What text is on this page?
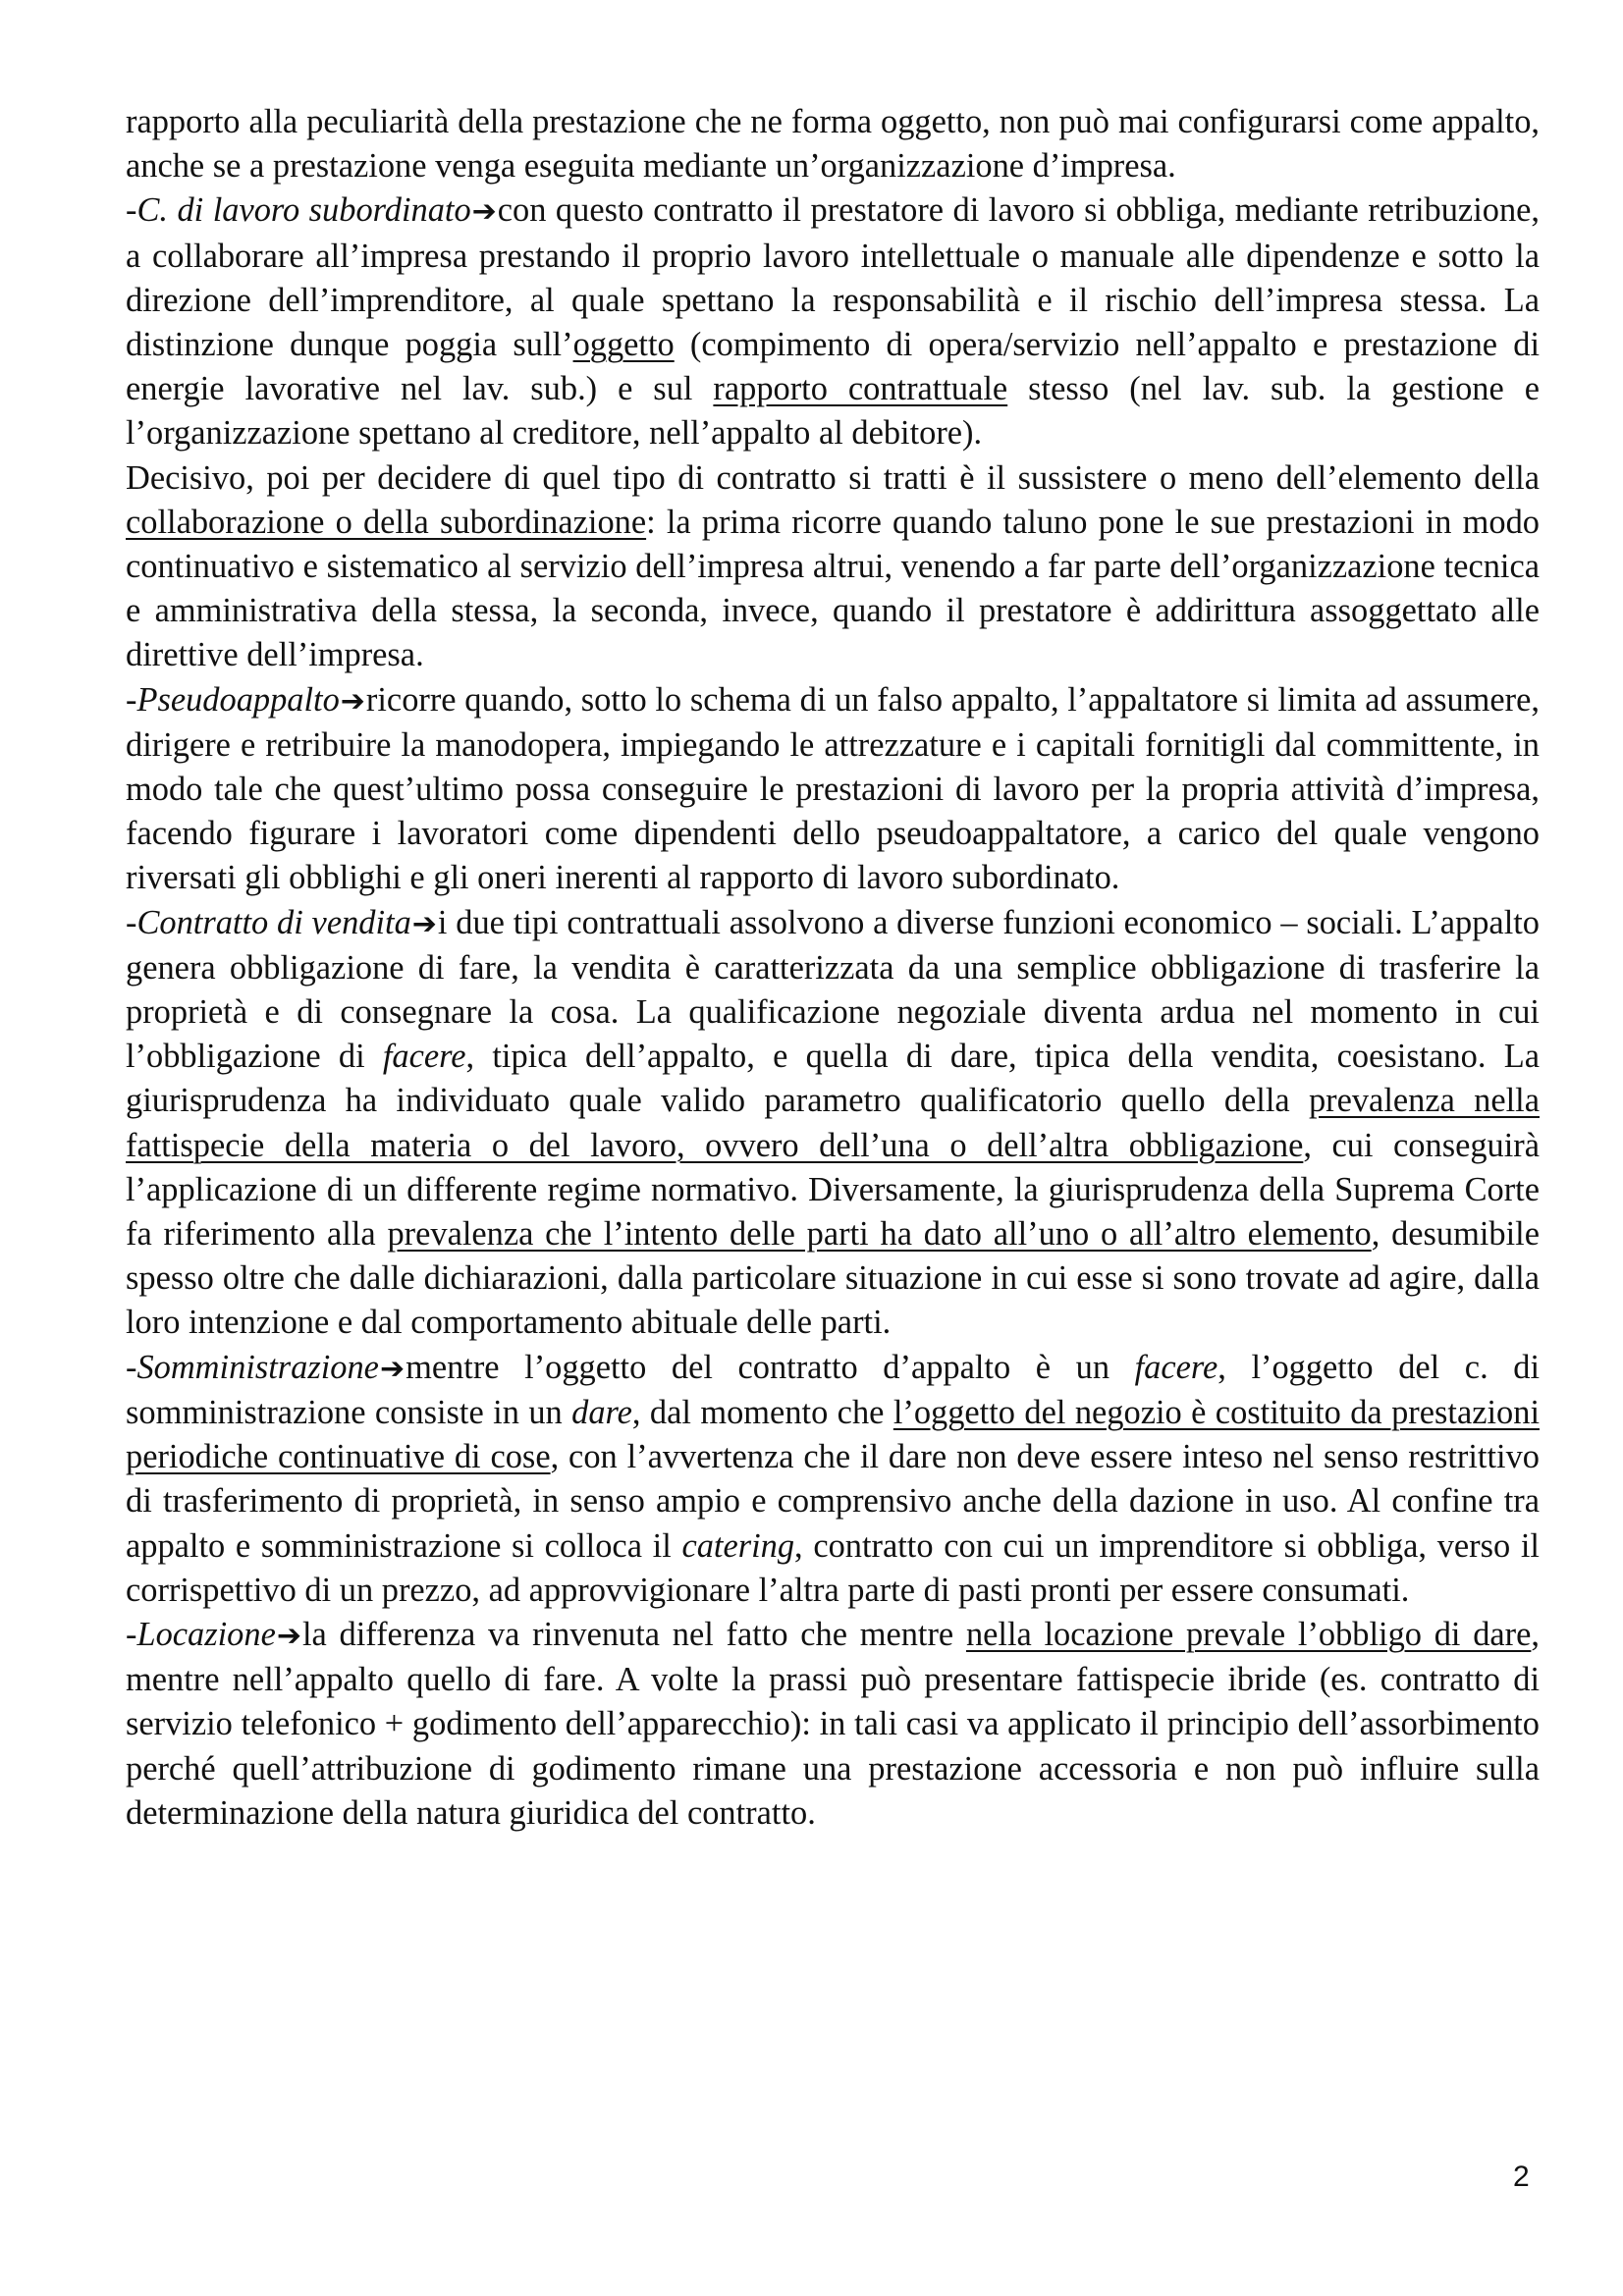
rapporto alla peculiarità della prestazione che ne forma oggetto, non può mai configurarsi come appalto, anche se a prestazione venga eseguita mediante un’organizzazione d’impresa.

-C. di lavoro subordinato➔con questo contratto il prestatore di lavoro si obbliga, mediante retribuzione, a collaborare all’impresa prestando il proprio lavoro intellettuale o manuale alle dipendenze e sotto la direzione dell’imprenditore, al quale spettano la responsabilità e il rischio dell’impresa stessa. La distinzione dunque poggia sull’oggetto (compimento di opera/servizio nell’appalto e prestazione di energie lavorative nel lav. sub.) e sul rapporto contrattuale stesso (nel lav. sub. la gestione e l’organizzazione spettano al creditore, nell’appalto al debitore).

Decisivo, poi per decidere di quel tipo di contratto si tratti è il sussistere o meno dell’elemento della collaborazione o della subordinazione: la prima ricorre quando taluno pone le sue prestazioni in modo continuativo e sistematico al servizio dell’impresa altrui, venendo a far parte dell’organizzazione tecnica e amministrativa della stessa, la seconda, invece, quando il prestatore è addirittura assoggettato alle direttive dell’impresa.

-Pseudoappalto➔ricorre quando, sotto lo schema di un falso appalto, l’appaltatore si limita ad assumere, dirigere e retribuire la manodopera, impiegando le attrezzature e i capitali fornitigli dal committente, in modo tale che quest’ultimo possa conseguire le prestazioni di lavoro per la propria attività d’impresa, facendo figurare i lavoratori come dipendenti dello pseudoappaltatore, a carico del quale vengono riversati gli obblighi e gli oneri inerenti al rapporto di lavoro subordinato.

-Contratto di vendita➔i due tipi contrattuali assolvono a diverse funzioni economico – sociali. L’appalto genera obbligazione di fare, la vendita è caratterizzata da una semplice obbligazione di trasferire la proprietà e di consegnare la cosa. La qualificazione negoziale diventa ardua nel momento in cui l’obbligazione di facere, tipica dell’appalto, e quella di dare, tipica della vendita, coesistano. La giurisprudenza ha individuato quale valido parametro qualificatorio quello della prevalenza nella fattispecie della materia o del lavoro, ovvero dell’una o dell’altra obbligazione, cui conseguirà l’applicazione di un differente regime normativo. Diversamente, la giurisprudenza della Suprema Corte fa riferimento alla prevalenza che l’intento delle parti ha dato all’uno o all’altro elemento, desumibile spesso oltre che dalle dichiarazioni, dalla particolare situazione in cui esse si sono trovate ad agire, dalla loro intenzione e dal comportamento abituale delle parti.

-Somministrazione➔mentre l’oggetto del contratto d’appalto è un facere, l’oggetto del c. di somministrazione consiste in un dare, dal momento che l’oggetto del negozio è costituito da prestazioni periodiche continuative di cose, con l’avvertenza che il dare non deve essere inteso nel senso restrittivo di trasferimento di proprietà, in senso ampio e comprensivo anche della dazione in uso. Al confine tra appalto e somministrazione si colloca il catering, contratto con cui un imprenditore si obbliga, verso il corrispettivo di un prezzo, ad approvvigionare l’altra parte di pasti pronti per essere consumati.

-Locazione➔la differenza va rinvenuta nel fatto che mentre nella locazione prevale l’obbligo di dare, mentre nell’appalto quello di fare. A volte la prassi può presentare fattispecie ibride (es. contratto di servizio telefonico + godimento dell’apparecchio): in tali casi va applicato il principio dell’assorbimento perché quell’attribuzione di godimento rimane una prestazione accessoria e non può influire sulla determinazione della natura giuridica del contratto.

2
